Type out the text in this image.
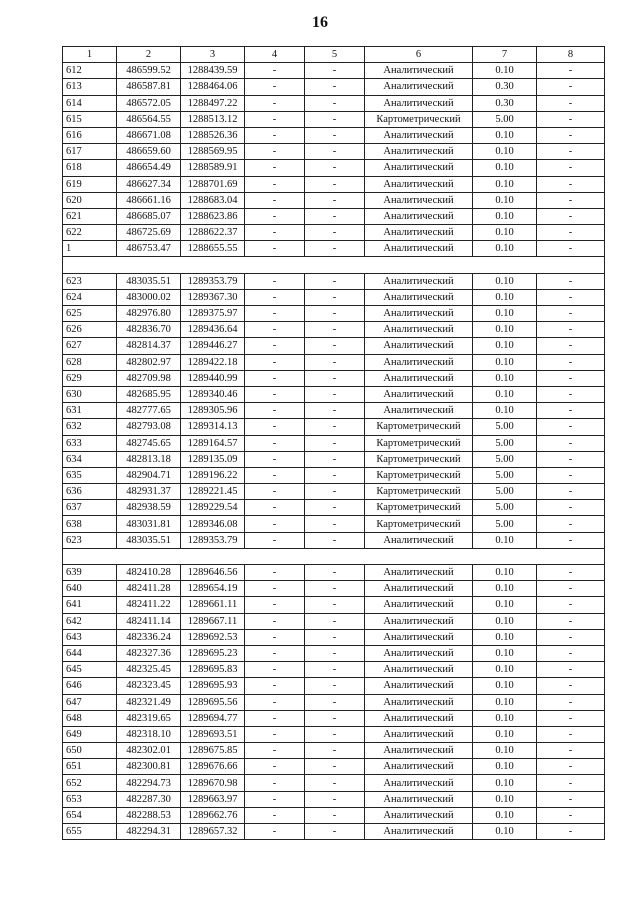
16
1	2	3	4	5	6	7	8
612	486599.52	1288439.59	-	-	Аналитический	0.10	-
613	486587.81	1288464.06	-	-	Аналитический	0.30	-
614	486572.05	1288497.22	-	-	Аналитический	0.30	-
615	486564.55	1288513.12	-	-	Картометрический	5.00	-
616	486671.08	1288526.36	-	-	Аналитический	0.10	-
617	486659.60	1288569.95	-	-	Аналитический	0.10	-
618	486654.49	1288589.91	-	-	Аналитический	0.10	-
619	486627.34	1288701.69	-	-	Аналитический	0.10	-
620	486661.16	1288683.04	-	-	Аналитический	0.10	-
621	486685.07	1288623.86	-	-	Аналитический	0.10	-
622	486725.69	1288622.37	-	-	Аналитический	0.10	-
1	486753.47	1288655.55	-	-	Аналитический	0.10	-

623	483035.51	1289353.79	-	-	Аналитический	0.10	-
624	483000.02	1289367.30	-	-	Аналитический	0.10	-
625	482976.80	1289375.97	-	-	Аналитический	0.10	-
626	482836.70	1289436.64	-	-	Аналитический	0.10	-
627	482814.37	1289446.27	-	-	Аналитический	0.10	-
628	482802.97	1289422.18	-	-	Аналитический	0.10	-
629	482709.98	1289440.99	-	-	Аналитический	0.10	-
630	482685.95	1289340.46	-	-	Аналитический	0.10	-
631	482777.65	1289305.96	-	-	Аналитический	0.10	-
632	482793.08	1289314.13	-	-	Картометрический	5.00	-
633	482745.65	1289164.57	-	-	Картометрический	5.00	-
634	482813.18	1289135.09	-	-	Картометрический	5.00	-
635	482904.71	1289196.22	-	-	Картометрический	5.00	-
636	482931.37	1289221.45	-	-	Картометрический	5.00	-
637	482938.59	1289229.54	-	-	Картометрический	5.00	-
638	483031.81	1289346.08	-	-	Картометрический	5.00	-
623	483035.51	1289353.79	-	-	Аналитический	0.10	-

639	482410.28	1289646.56	-	-	Аналитический	0.10	-
640	482411.28	1289654.19	-	-	Аналитический	0.10	-
641	482411.22	1289661.11	-	-	Аналитический	0.10	-
642	482411.14	1289667.11	-	-	Аналитический	0.10	-
643	482336.24	1289692.53	-	-	Аналитический	0.10	-
644	482327.36	1289695.23	-	-	Аналитический	0.10	-
645	482325.45	1289695.83	-	-	Аналитический	0.10	-
646	482323.45	1289695.93	-	-	Аналитический	0.10	-
647	482321.49	1289695.56	-	-	Аналитический	0.10	-
648	482319.65	1289694.77	-	-	Аналитический	0.10	-
649	482318.10	1289693.51	-	-	Аналитический	0.10	-
650	482302.01	1289675.85	-	-	Аналитический	0.10	-
651	482300.81	1289676.66	-	-	Аналитический	0.10	-
652	482294.73	1289670.98	-	-	Аналитический	0.10	-
653	482287.30	1289663.97	-	-	Аналитический	0.10	-
654	482288.53	1289662.76	-	-	Аналитический	0.10	-
655	482294.31	1289657.32	-	-	Аналитический	0.10	-
